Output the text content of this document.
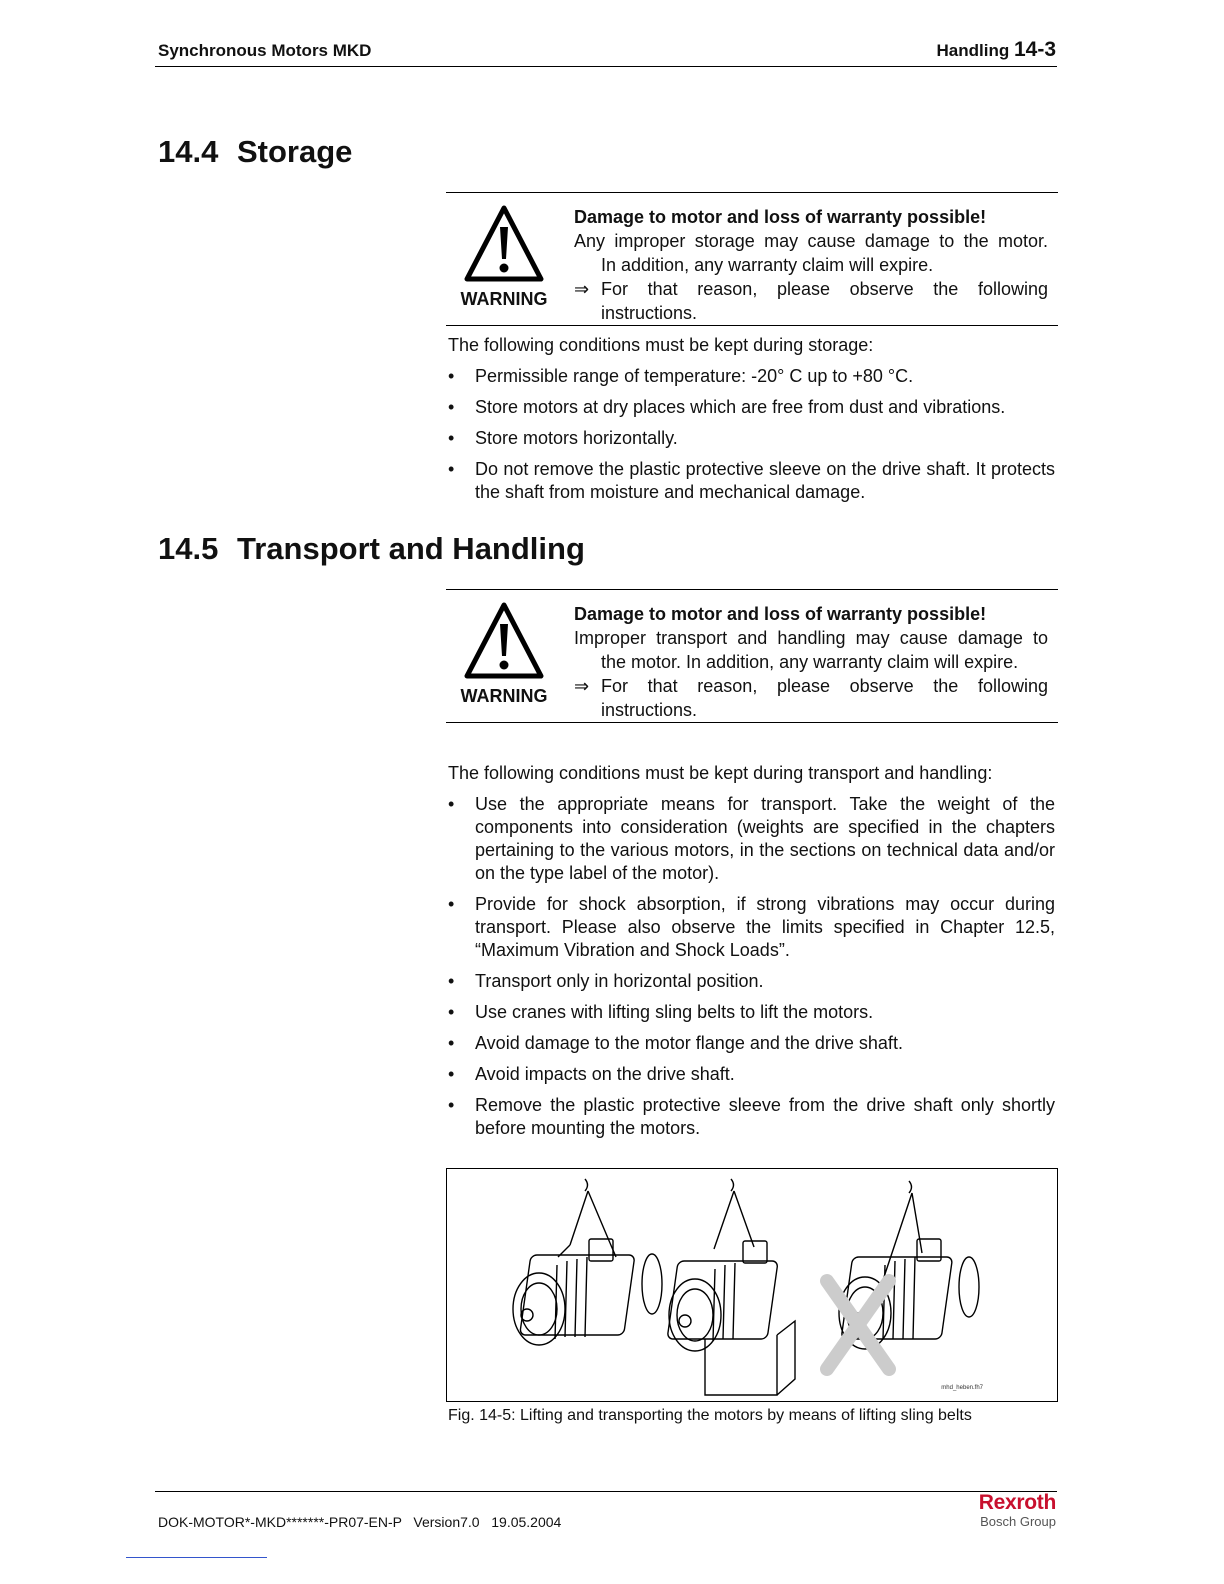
Synchronous Motors MKD	Handling 14-3
14.4 Storage
WARNING
Damage to motor and loss of warranty possible!
Any improper storage may cause damage to the motor.
In addition, any warranty claim will expire.
⇒ For that reason, please observe the following
instructions.
The following conditions must be kept during storage:
• Permissible range of temperature: -20° C up to +80 °C.
• Store motors at dry places which are free from dust and vibrations.
• Store motors horizontally.
• Do not remove the plastic protective sleeve on the drive shaft. It protects the shaft from moisture and mechanical damage.
14.5 Transport and Handling
WARNING
Damage to motor and loss of warranty possible!
Improper transport and handling may cause damage to
the motor. In addition, any warranty claim will expire.
⇒ For that reason, please observe the following
instructions.
The following conditions must be kept during transport and handling:
• Use the appropriate means for transport. Take the weight of the components into consideration (weights are specified in the chapters pertaining to the various motors, in the sections on technical data and/or on the type label of the motor).
• Provide for shock absorption, if strong vibrations may occur during transport. Please also observe the limits specified in Chapter 12.5, “Maximum Vibration and Shock Loads”.
• Transport only in horizontal position.
• Use cranes with lifting sling belts to lift the motors.
• Avoid damage to the motor flange and the drive shaft.
• Avoid impacts on the drive shaft.
• Remove the plastic protective sleeve from the drive shaft only shortly before mounting the motors.
mhd_heben.fh7
Fig. 14-5: Lifting and transporting the motors by means of lifting sling belts
DOK-MOTOR*-MKD*******-PR07-EN-P   Version7.0   19.05.2004
Rexroth
Bosch Group
